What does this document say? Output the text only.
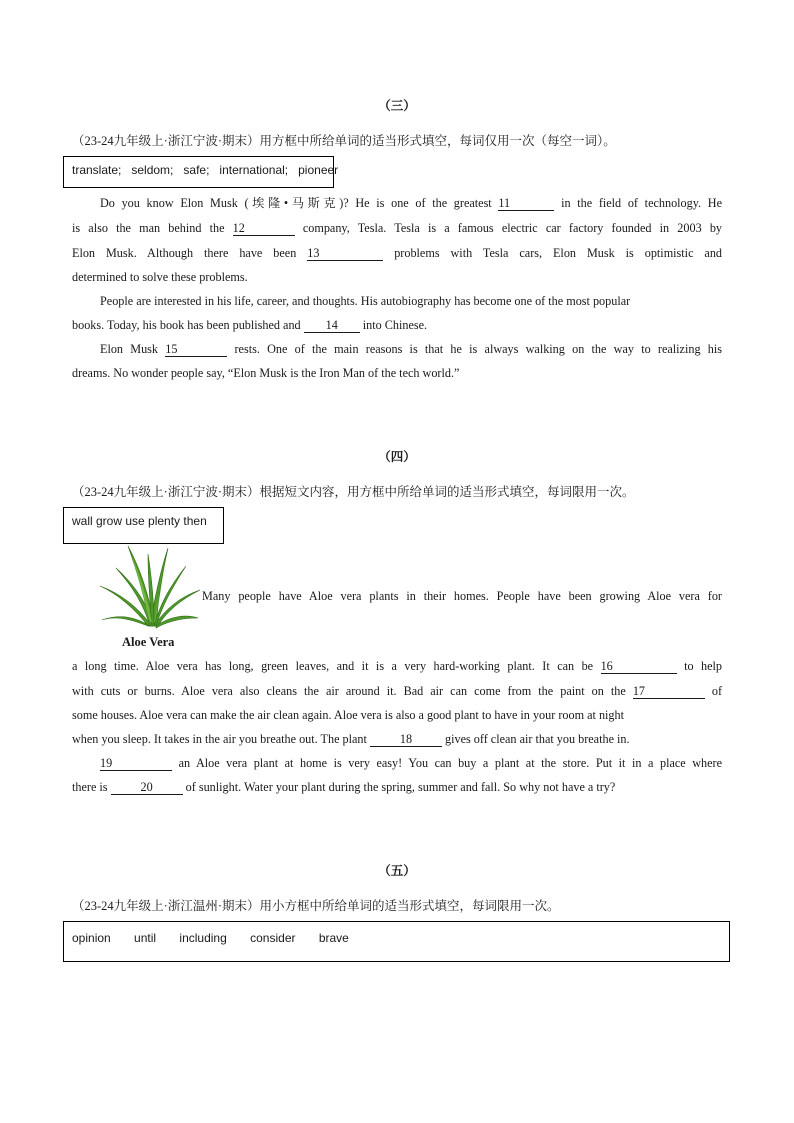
（三）
（23-24九年级上·浙江宁波·期末）用方框中所给单词的适当形式填空，每词仅用一次（每空一词）。
translate; seldom; safe; international; pioneer
Do you know Elon Musk (埃隆•马斯克)? He is one of the greatest 11	in the field of technology. He
is also the man behind the 12	company, Tesla. Tesla is a famous electric car factory founded in 2003 by
Elon Musk. Although there have been 13	problems with Tesla cars, Elon Musk is optimistic and
determined to solve these problems.
People are interested in his life, career, and thoughts. His autobiography has become one of the most popular
books. Today, his book has been published and 14 into Chinese.
Elon Musk 15	rests. One of the main reasons is that he is always walking on the way to realizing his
dreams. No wonder people say, “Elon Musk is the Iron Man of the tech world.”
（四）
（23-24九年级上·浙江宁波·期末）根据短文内容，用方框中所给单词的适当形式填空，每词限用一次。
wall grow use plenty then
Aloe Vera
Many people have Aloe vera plants in their homes. People have been growing Aloe vera for
a long time. Aloe vera has long, green leaves, and it is a very hard-working plant. It can be 16	to help
with cuts or burns. Aloe vera also cleans the air around it. Bad air can come from the paint on the 17	of
some houses. Aloe vera can make the air clean again. Aloe vera is also a good plant to have in your room at night
when you sleep. It takes in the air you breathe out. The plant	18	gives off clean air that you breathe in.
19	an Aloe vera plant at home is very easy! You can buy a plant at the store. Put it in a place where
there is	20	of sunlight. Water your plant during the spring, summer and fall. So why not have a try?
（五）
（23-24九年级上·浙江温州·期末）用小方框中所给单词的适当形式填空，每词限用一次。
opinion until including consider brave
